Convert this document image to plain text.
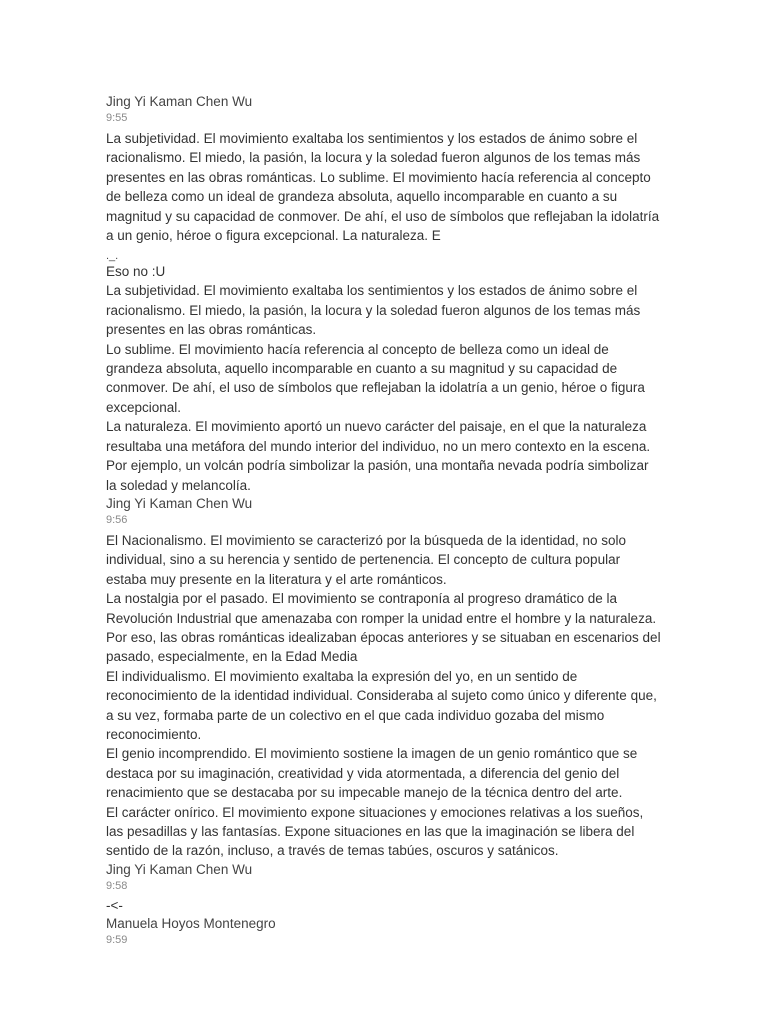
Jing Yi Kaman Chen Wu
9:55
La subjetividad. El movimiento exaltaba los sentimientos y los estados de ánimo sobre el racionalismo. El miedo, la pasión, la locura y la soledad fueron algunos de los temas más presentes en las obras románticas. Lo sublime. El movimiento hacía referencia al concepto de belleza como un ideal de grandeza absoluta, aquello incomparable en cuanto a su magnitud y su capacidad de conmover. De ahí, el uso de símbolos que reflejaban la idolatría a un genio, héroe o figura excepcional. La naturaleza. E
._.
Eso no :U
La subjetividad. El movimiento exaltaba los sentimientos y los estados de ánimo sobre el racionalismo. El miedo, la pasión, la locura y la soledad fueron algunos de los temas más presentes en las obras románticas.
Lo sublime. El movimiento hacía referencia al concepto de belleza como un ideal de grandeza absoluta, aquello incomparable en cuanto a su magnitud y su capacidad de conmover. De ahí, el uso de símbolos que reflejaban la idolatría a un genio, héroe o figura excepcional.
La naturaleza. El movimiento aportó un nuevo carácter del paisaje, en el que la naturaleza resultaba una metáfora del mundo interior del individuo, no un mero contexto en la escena. Por ejemplo, un volcán podría simbolizar la pasión, una montaña nevada podría simbolizar la soledad y melancolía.
Jing Yi Kaman Chen Wu
9:56
El Nacionalismo. El movimiento se caracterizó por la búsqueda de la identidad, no solo individual, sino a su herencia y sentido de pertenencia. El concepto de cultura popular estaba muy presente en la literatura y el arte románticos.
La nostalgia por el pasado. El movimiento se contraponía al progreso dramático de la Revolución Industrial que amenazaba con romper la unidad entre el hombre y la naturaleza. Por eso, las obras románticas idealizaban épocas anteriores y se situaban en escenarios del pasado, especialmente, en la Edad Media
El individualismo. El movimiento exaltaba la expresión del yo, en un sentido de reconocimiento de la identidad individual. Consideraba al sujeto como único y diferente que, a su vez, formaba parte de un colectivo en el que cada individuo gozaba del mismo reconocimiento.
El genio incomprendido. El movimiento sostiene la imagen de un genio romántico que se destaca por su imaginación, creatividad y vida atormentada, a diferencia del genio del renacimiento que se destacaba por su impecable manejo de la técnica dentro del arte.
El carácter onírico. El movimiento expone situaciones y emociones relativas a los sueños, las pesadillas y las fantasías. Expone situaciones en las que la imaginación se libera del sentido de la razón, incluso, a través de temas tabúes, oscuros y satánicos.
Jing Yi Kaman Chen Wu
9:58
-<-
Manuela Hoyos Montenegro
9:59
